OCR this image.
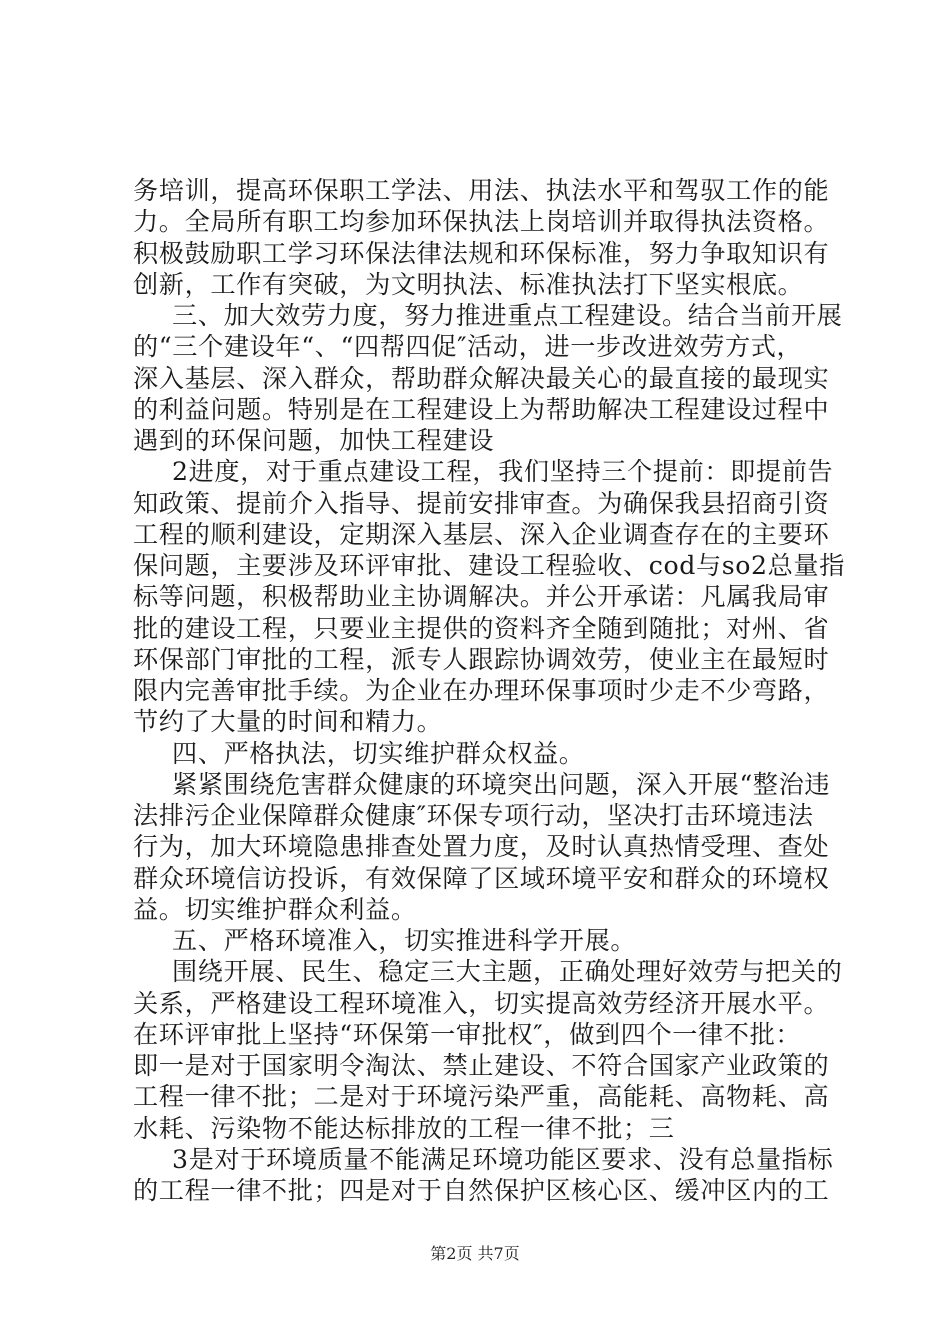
务培训，提高环保职工学法、用法、执法水平和驾驭工作的能
力。全局所有职工均参加环保执法上岗培训并取得执法资格。
积极鼓励职工学习环保法律法规和环保标准，努力争取知识有
创新，工作有突破，为文明执法、标准执法打下坚实根底。
三、加大效劳力度，努力推进重点工程建设。结合当前开展
的“三个建设年“、“四帮四促″活动，进一步改进效劳方式，
深入基层、深入群众，帮助群众解决最关心的最直接的最现实
的利益问题。特别是在工程建设上为帮助解决工程建设过程中
遇到的环保问题，加快工程建设
2进度，对于重点建设工程，我们坚持三个提前：即提前告
知政策、提前介入指导、提前安排审查。为确保我县招商引资
工程的顺利建设，定期深入基层、深入企业调查存在的主要环
保问题，主要涉及环评审批、建设工程验收、cod与so2总量指
标等问题，积极帮助业主协调解决。并公开承诺：凡属我局审
批的建设工程，只要业主提供的资料齐全随到随批；对州、省
环保部门审批的工程，派专人跟踪协调效劳，使业主在最短时
限内完善审批手续。为企业在办理环保事项时少走不少弯路，
节约了大量的时间和精力。
四、严格执法，切实维护群众权益。
紧紧围绕危害群众健康的环境突出问题，深入开展“整治违
法排污企业保障群众健康″环保专项行动，坚决打击环境违法
行为，加大环境隐患排查处置力度，及时认真热情受理、查处
群众环境信访投诉，有效保障了区域环境平安和群众的环境权
益。切实维护群众利益。
五、严格环境准入，切实推进科学开展。
围绕开展、民生、稳定三大主题，正确处理好效劳与把关的
关系，严格建设工程环境准入，切实提高效劳经济开展水平。
在环评审批上坚持“环保第一审批权″，做到四个一律不批：
即一是对于国家明令淘汰、禁止建设、不符合国家产业政策的
工程一律不批；二是对于环境污染严重，高能耗、高物耗、高
水耗、污染物不能达标排放的工程一律不批；三
3是对于环境质量不能满足环境功能区要求、没有总量指标
的工程一律不批；四是对于自然保护区核心区、缓冲区内的工
第2页 共7页
